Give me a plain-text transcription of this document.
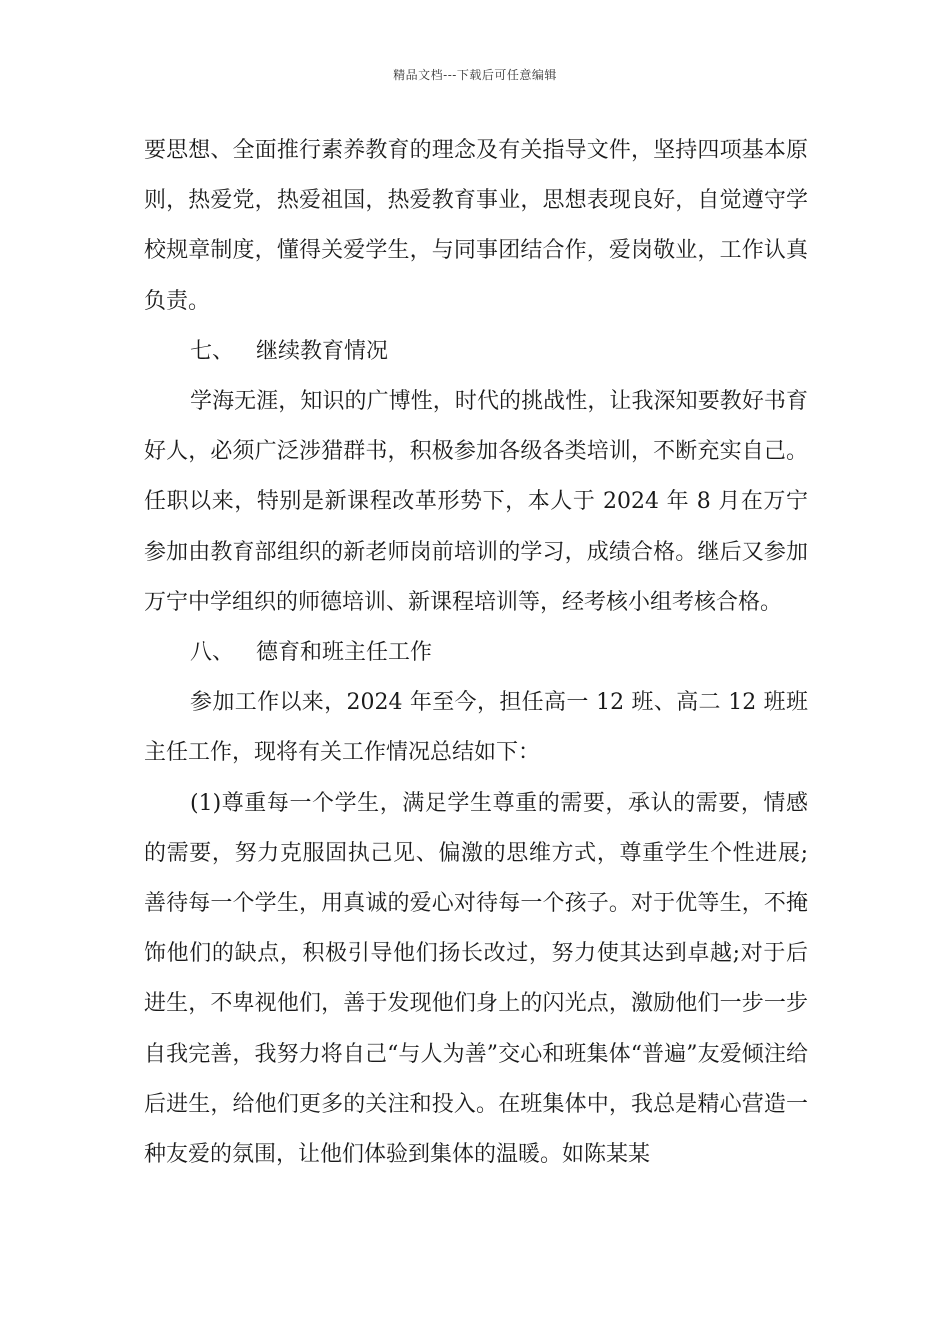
精品文档---下载后可任意编辑

要思想、全面推行素养教育的理念及有关指导文件，坚持四项基本原则，热爱党，热爱祖国，热爱教育事业，思想表现良好，自觉遵守学校规章制度，懂得关爱学生，与同事团结合作，爱岗敬业，工作认真负责。

七、 继续教育情况

学海无涯，知识的广博性，时代的挑战性，让我深知要教好书育好人，必须广泛涉猎群书，积极参加各级各类培训，不断充实自己。任职以来，特别是新课程改革形势下，本人于 2024 年 8 月在万宁参加由教育部组织的新老师岗前培训的学习，成绩合格。继后又参加万宁中学组织的师德培训、新课程培训等，经考核小组考核合格。

八、 德育和班主任工作

参加工作以来，2024 年至今，担任高一 12 班、高二 12 班班主任工作，现将有关工作情况总结如下：

(1)尊重每一个学生，满足学生尊重的需要，承认的需要，情感的需要，努力克服固执己见、偏激的思维方式，尊重学生个性进展;善待每一个学生，用真诚的爱心对待每一个孩子。对于优等生，不掩饰他们的缺点，积极引导他们扬长改过，努力使其达到卓越;对于后进生，不卑视他们，善于发现他们身上的闪光点，激励他们一步一步自我完善，我努力将自己“与人为善”交心和班集体“普遍”友爱倾注给后进生，给他们更多的关注和投入。在班集体中，我总是精心营造一种友爱的氛围，让他们体验到集体的温暖。如陈某某
